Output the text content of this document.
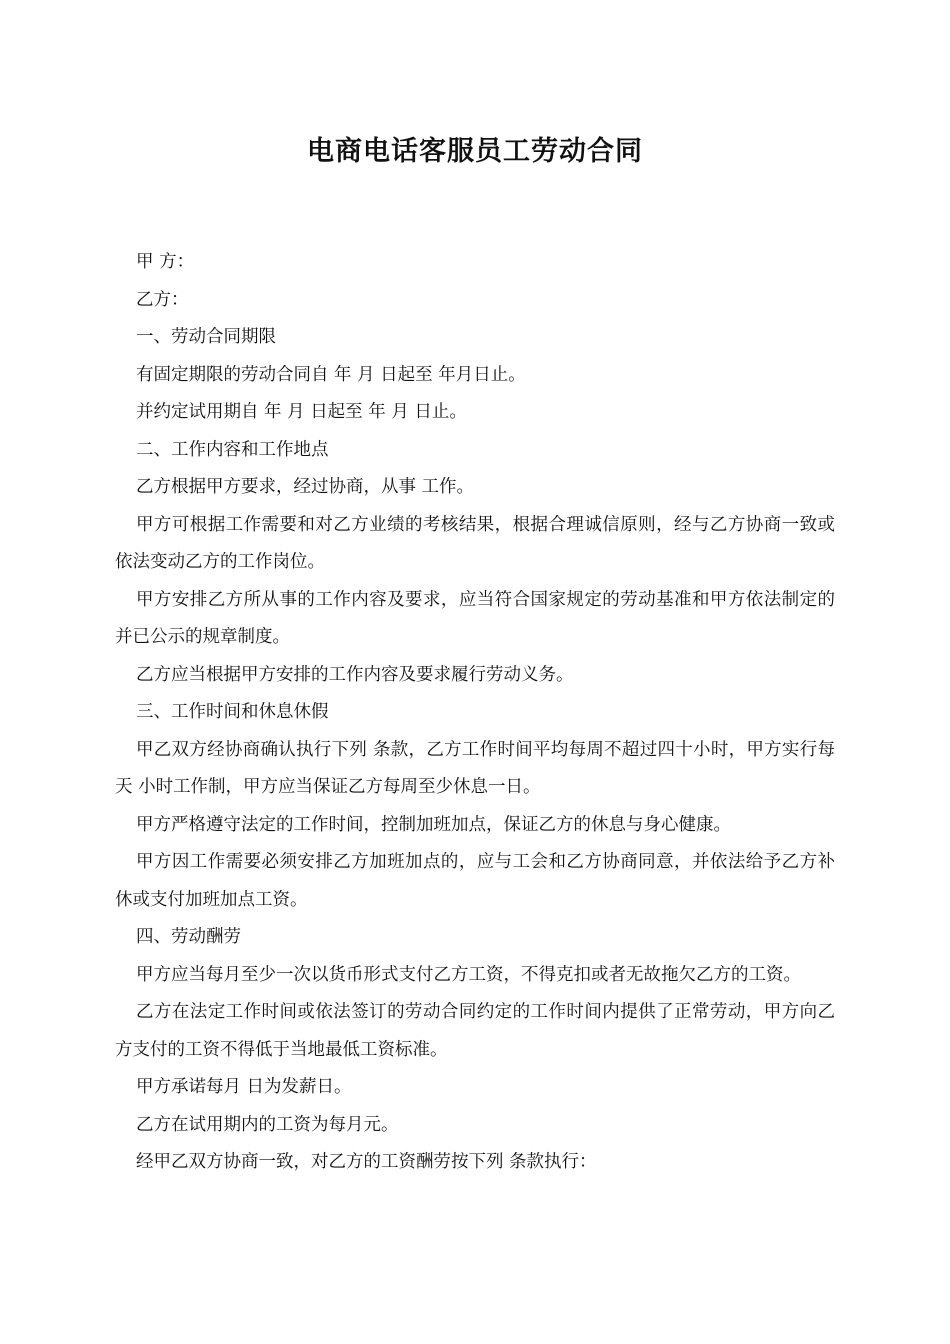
电商电话客服员工劳动合同

甲 方：

乙方：

一、劳动合同期限

有固定期限的劳动合同自 年 月 日起至 年月日止。

并约定试用期自 年 月 日起至 年 月 日止。

二、工作内容和工作地点

乙方根据甲方要求，经过协商，从事 工作。

甲方可根据工作需要和对乙方业绩的考核结果，根据合理诚信原则，经与乙方协商一致或依法变动乙方的工作岗位。

甲方安排乙方所从事的工作内容及要求，应当符合国家规定的劳动基准和甲方依法制定的并已公示的规章制度。

乙方应当根据甲方安排的工作内容及要求履行劳动义务。

三、工作时间和休息休假

甲乙双方经协商确认执行下列 条款，乙方工作时间平均每周不超过四十小时，甲方实行每天 小时工作制，甲方应当保证乙方每周至少休息一日。

甲方严格遵守法定的工作时间，控制加班加点，保证乙方的休息与身心健康。

甲方因工作需要必须安排乙方加班加点的，应与工会和乙方协商同意，并依法给予乙方补休或支付加班加点工资。

四、劳动酬劳

甲方应当每月至少一次以货币形式支付乙方工资，不得克扣或者无故拖欠乙方的工资。

乙方在法定工作时间或依法签订的劳动合同约定的工作时间内提供了正常劳动，甲方向乙方支付的工资不得低于当地最低工资标准。

甲方承诺每月 日为发薪日。

乙方在试用期内的工资为每月元。

经甲乙双方协商一致，对乙方的工资酬劳按下列 条款执行：
